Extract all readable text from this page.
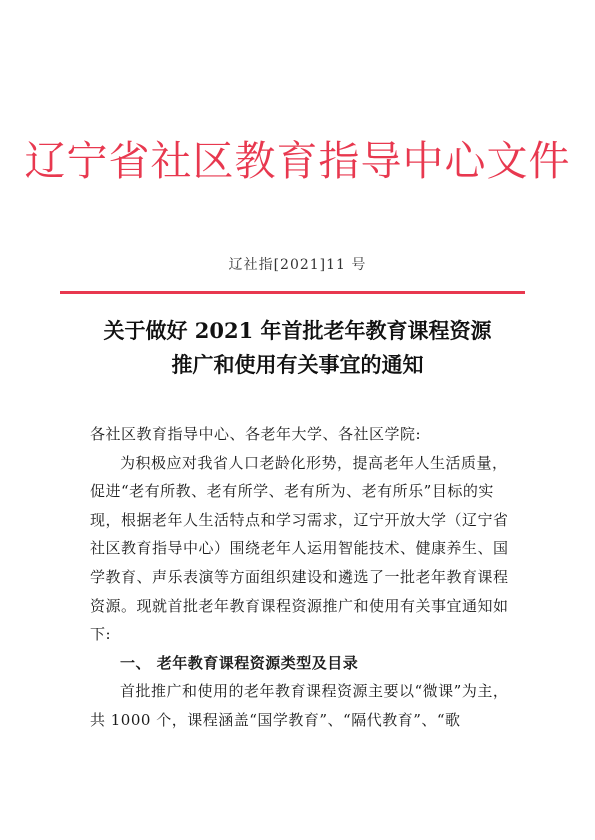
辽宁省社区教育指导中心文件
辽社指[2021]11 号
关于做好 2021 年首批老年教育课程资源
推广和使用有关事宜的通知

各社区教育指导中心、各老年大学、各社区学院:

为积极应对我省人口老龄化形势，提高老年人生活质量，促进“老有所教、老有所学、老有所为、老有所乐”目标的实现，根据老年人生活特点和学习需求，辽宁开放大学（辽宁省社区教育指导中心）围绕老年人运用智能技术、健康养生、国学教育、声乐表演等方面组织建设和遴选了一批老年教育课程资源。现就首批老年教育课程资源推广和使用有关事宜通知如下:

一、 老年教育课程资源类型及目录

首批推广和使用的老年教育课程资源主要以“微课”为主，共 1000 个，课程涵盖“国学教育”、“隔代教育”、“歌
